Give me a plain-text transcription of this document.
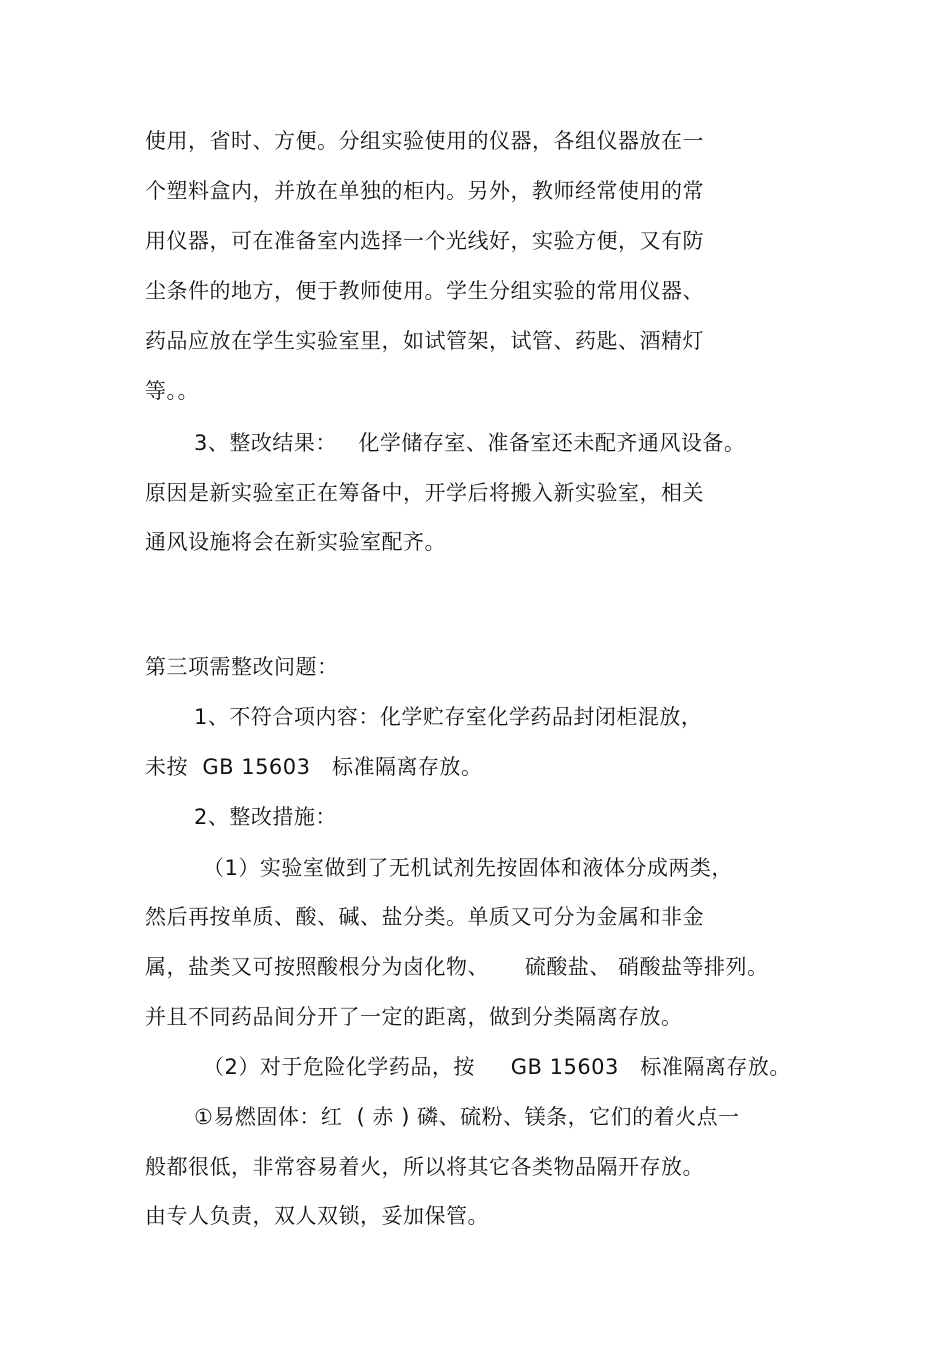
使用，省时、方便。分组实验使用的仪器，各组仪器放在一
个塑料盒内，并放在单独的柜内。另外，教师经常使用的常
用仪器，可在准备室内选择一个光线好，实验方便，又有防
尘条件的地方，便于教师使用。学生分组实验的常用仪器、
药品应放在学生实验室里，如试管架，试管、药匙、酒精灯
等。。
3、整改结果：   化学储存室、准备室还未配齐通风设备。
原因是新实验室正在筹备中，开学后将搬入新实验室，相关
通风设施将会在新实验室配齐。
第三项需整改问题：
1、不符合项内容：化学贮存室化学药品封闭柜混放，
未按  GB 15603   标准隔离存放。
2、整改措施：
（1）实验室做到了无机试剂先按固体和液体分成两类，
然后再按单质、酸、碱、盐分类。单质又可分为金属和非金
属，盐类又可按照酸根分为卤化物、     硫酸盐、 硝酸盐等排列。
并且不同药品间分开了一定的距离，做到分类隔离存放。
（2）对于危险化学药品，按     GB 15603   标准隔离存放。
①易燃固体：红  ( 赤 ) 磷、硫粉、镁条，它们的着火点一
般都很低，非常容易着火，所以将其它各类物品隔开存放。
由专人负责，双人双锁，妥加保管。
